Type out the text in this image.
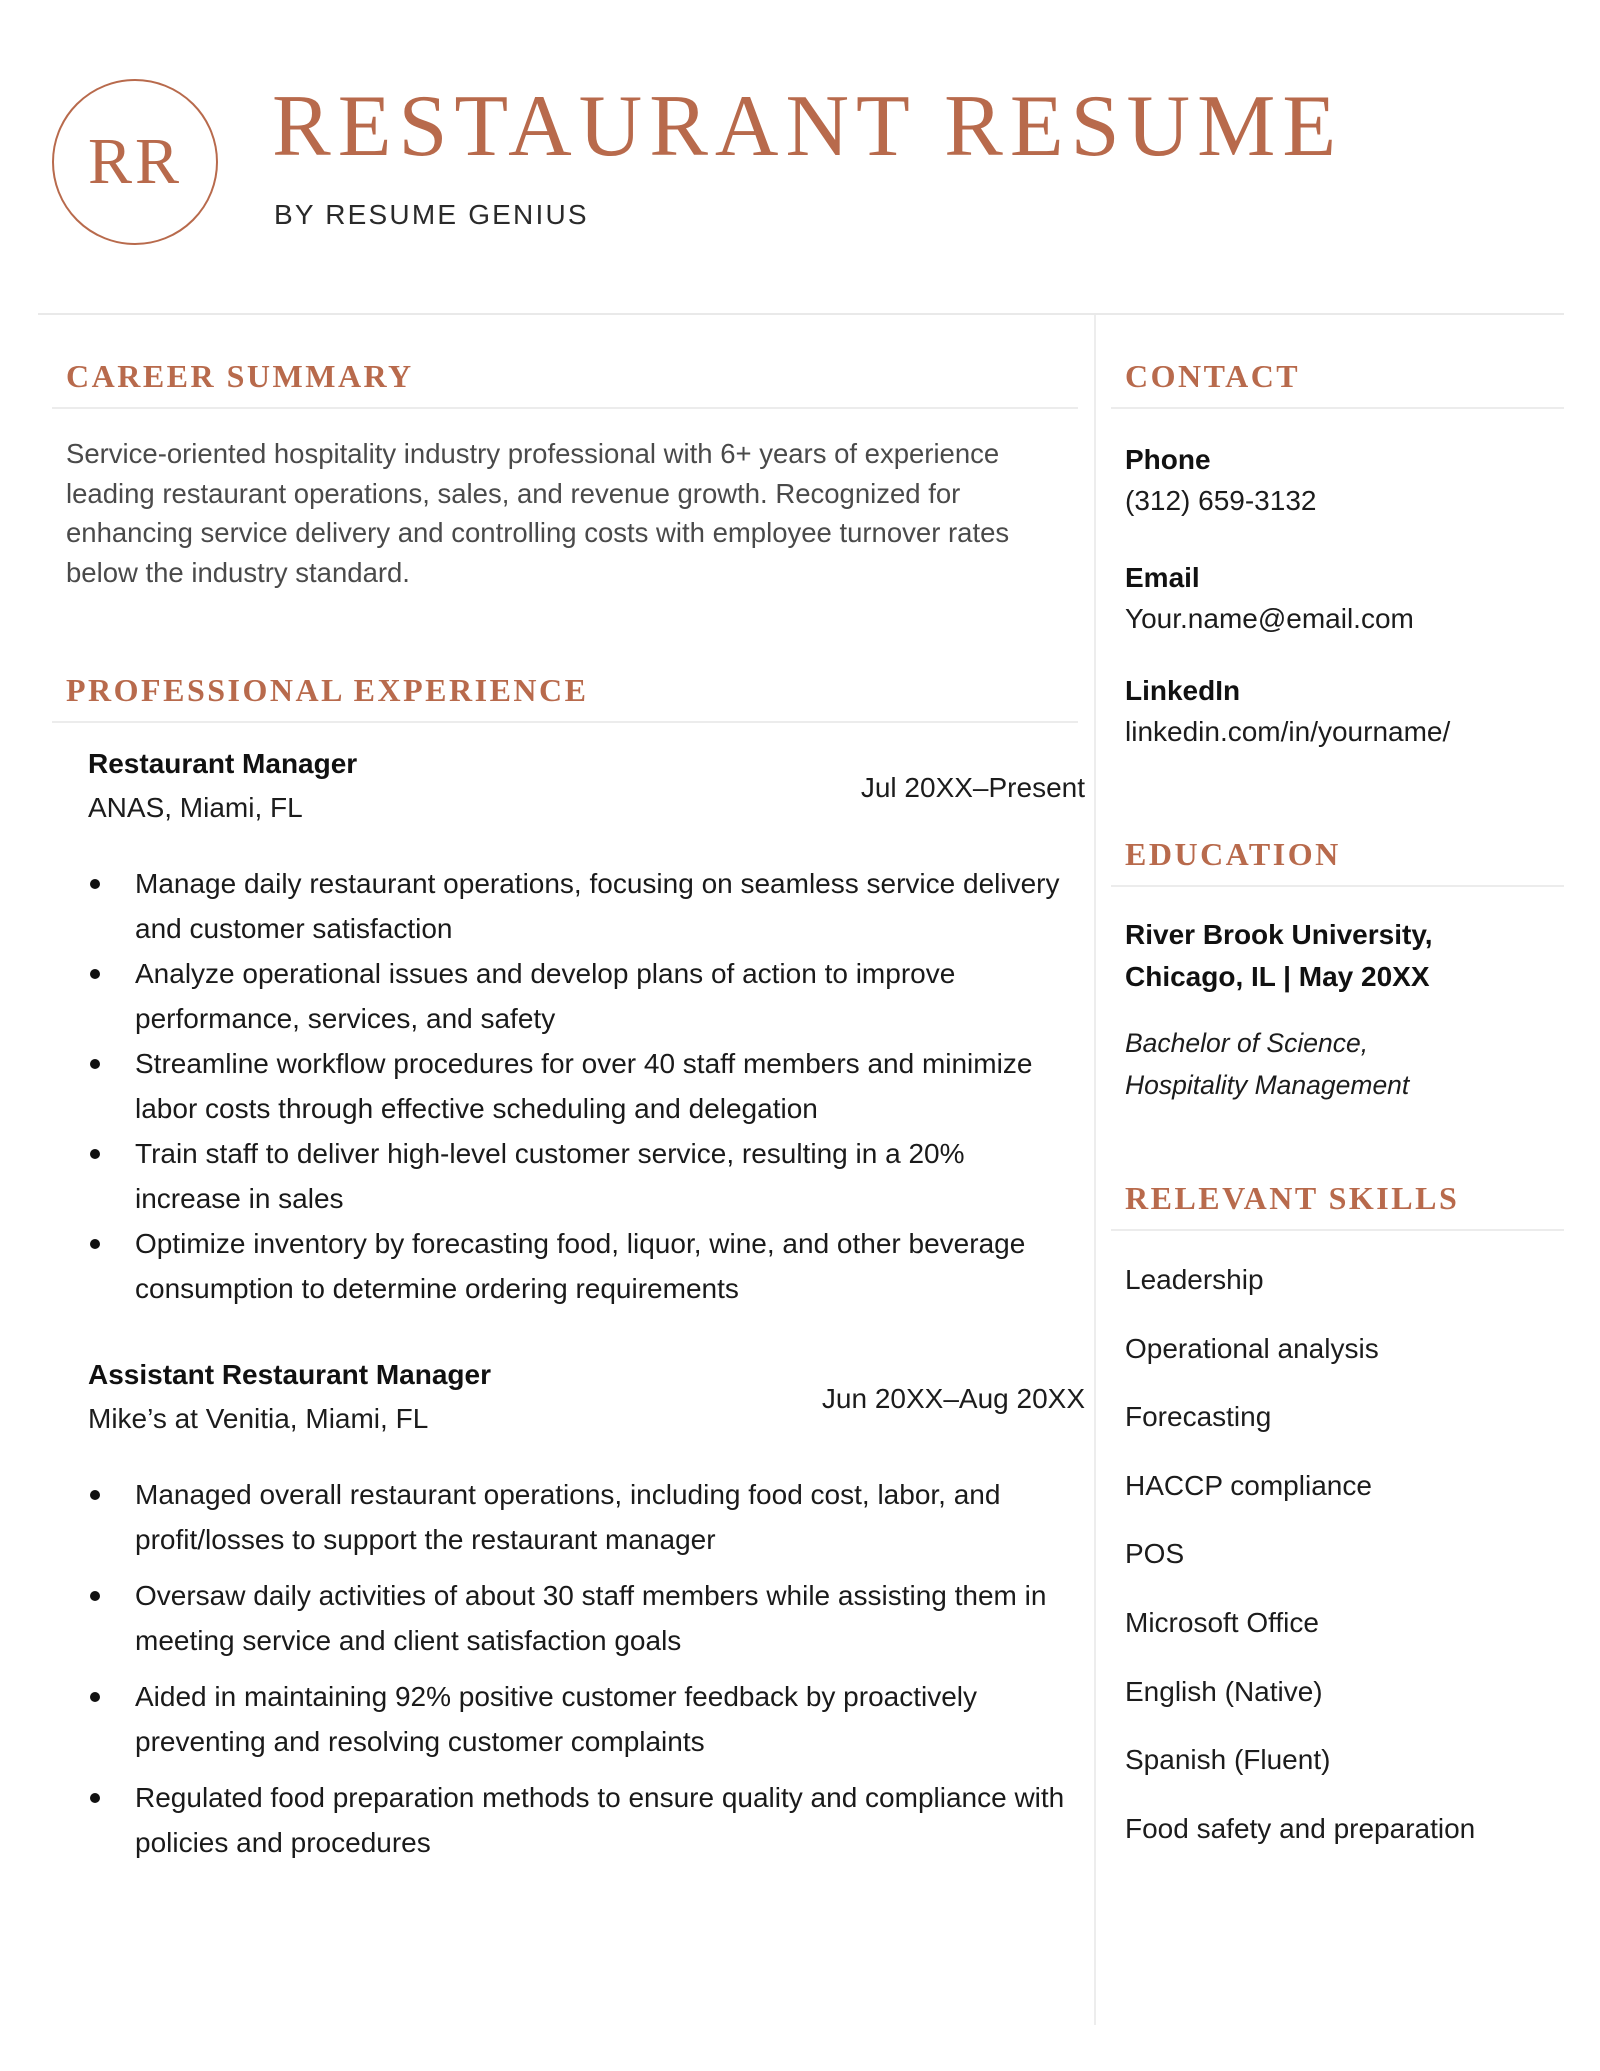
RR RESTAURANT RESUME
BY RESUME GENIUS
CAREER SUMMARY

Service-oriented hospitality industry professional with 6+ years of experience leading restaurant operations, sales, and revenue growth. Recognized for enhancing service delivery and controlling costs with employee turnover rates below the industry standard.

PROFESSIONAL EXPERIENCE
Restaurant Manager
ANAS, Miami, FL
Jul 20XX–Present
Manage daily restaurant operations, focusing on seamless service delivery and customer satisfaction
Analyze operational issues and develop plans of action to improve performance, services, and safety
Streamline workflow procedures for over 40 staff members and minimize labor costs through effective scheduling and delegation
Train staff to deliver high-level customer service, resulting in a 20% increase in sales
Optimize inventory by forecasting food, liquor, wine, and other beverage consumption to determine ordering requirements
Assistant Restaurant Manager
Mike’s at Venitia, Miami, FL
Jun 20XX–Aug 20XX
Managed overall restaurant operations, including food cost, labor, and profit/losses to support the restaurant manager
Oversaw daily activities of about 30 staff members while assisting them in meeting service and client satisfaction goals
Aided in maintaining 92% positive customer feedback by proactively preventing and resolving customer complaints
Regulated food preparation methods to ensure quality and compliance with policies and procedures
CONTACT
Phone
(312) 659-3132
Email
Your.name@email.com
LinkedIn
linkedin.com/in/yourname/
EDUCATION
River Brook University,
Chicago, IL | May 20XX
Bachelor of Science,
Hospitality Management
RELEVANT SKILLS
Leadership
Operational analysis
Forecasting
HACCP compliance
POS
Microsoft Office
English (Native)
Spanish (Fluent)
Food safety and preparation
